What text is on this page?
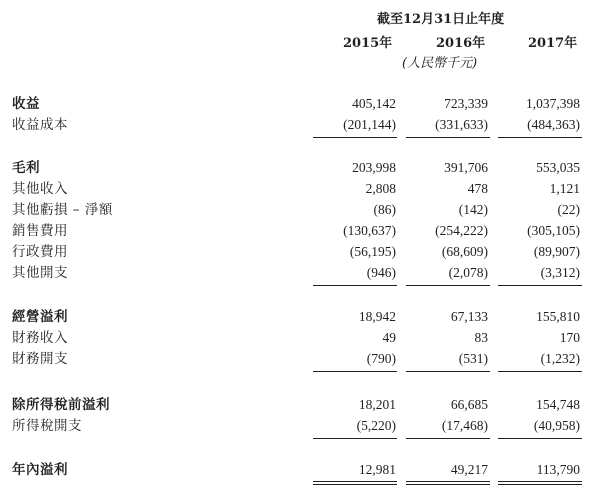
截至12月31日止年度
2015年	2016年	2017年
(人民幣千元)
收益	405,142	723,339	1,037,398
收益成本	(201,144)	(331,633)	(484,363)
毛利	203,998	391,706	553,035
其他收入	2,808	478	1,121
其他虧損 – 淨額	(86)	(142)	(22)
銷售費用	(130,637)	(254,222)	(305,105)
行政費用	(56,195)	(68,609)	(89,907)
其他開支	(946)	(2,078)	(3,312)
經營溢利	18,942	67,133	155,810
財務收入	49	83	170
財務開支	(790)	(531)	(1,232)
除所得稅前溢利	18,201	66,685	154,748
所得稅開支	(5,220)	(17,468)	(40,958)
年內溢利	12,981	49,217	113,790
